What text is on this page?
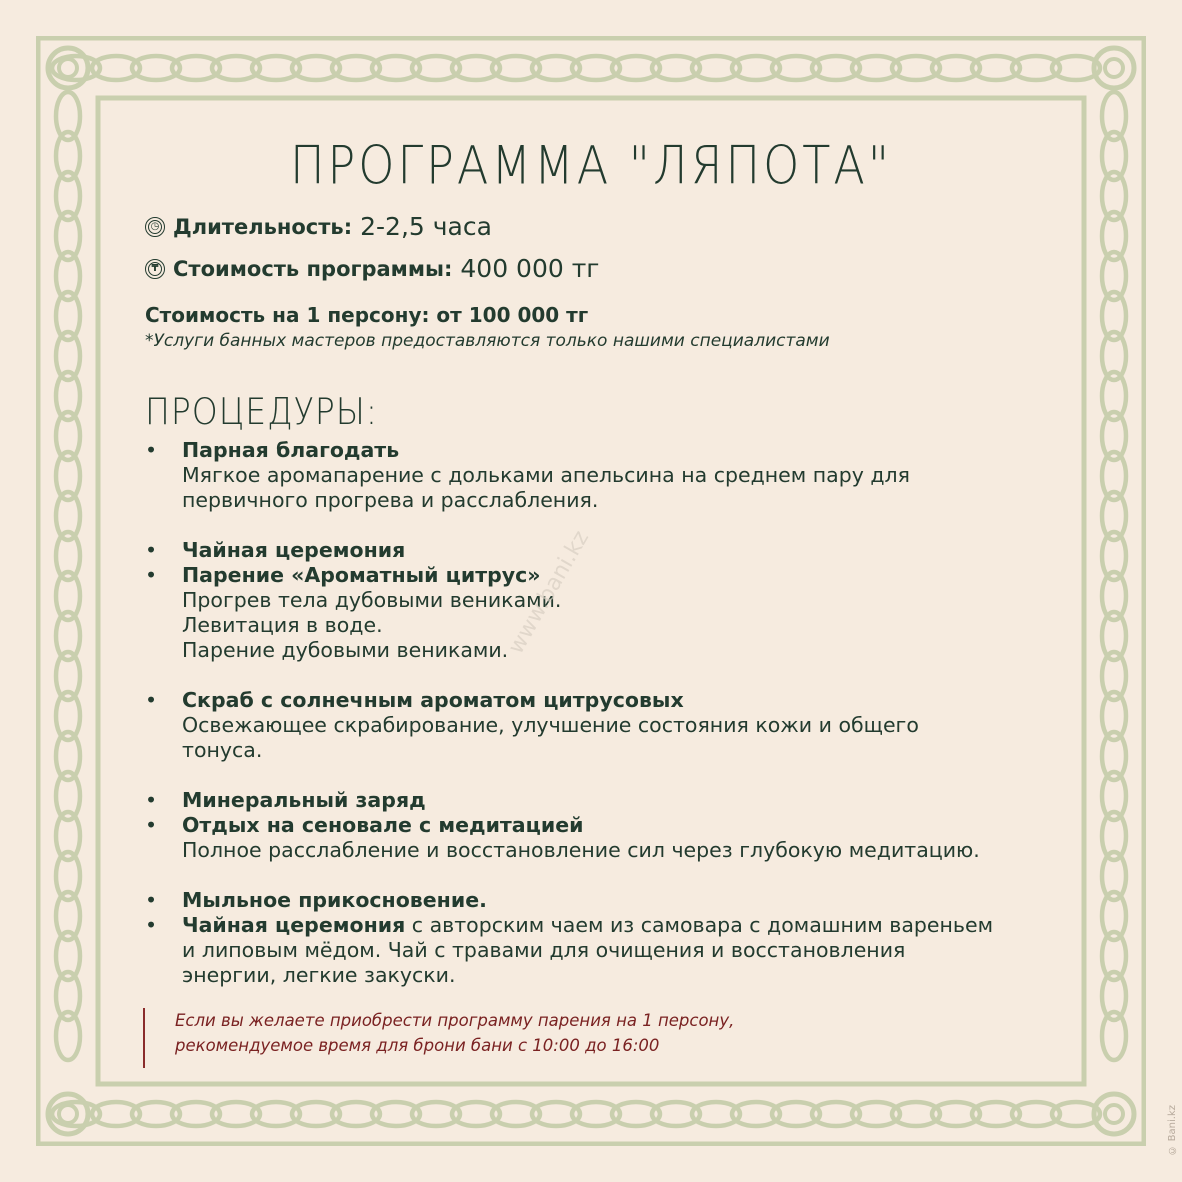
ПРОГРАММА "ЛЯПОТА"
◷ Длительность: 2-2,5 часа
₸ Стоимость программы: 400 000 тг
Стоимость на 1 персону: от 100 000 тг
*Услуги банных мастеров предоставляются только нашими специалистами
ПРОЦЕДУРЫ:
• Парная благодать
Мягкое аромапарение с дольками апельсина на среднем пару для
первичного прогрева и расслабления.
• Чайная церемония
• Парение «Ароматный цитрус»
Прогрев тела дубовыми вениками.
Левитация в воде.
Парение дубовыми вениками.
• Скраб с солнечным ароматом цитрусовых
Освежающее скрабирование, улучшение состояния кожи и общего
тонуса.
• Минеральный заряд
• Отдых на сеновале с медитацией
Полное расслабление и восстановление сил через глубокую медитацию.
• Мыльное прикосновение.
• Чайная церемония с авторским чаем из самовара с домашним вареньем
и липовым мёдом. Чай с травами для очищения и восстановления
энергии, легкие закуски.
Если вы желаете приобрести программу парения на 1 персону,
рекомендуемое время для брони бани с 10:00 до 16:00
www.bani.kz
© Bani.kz
